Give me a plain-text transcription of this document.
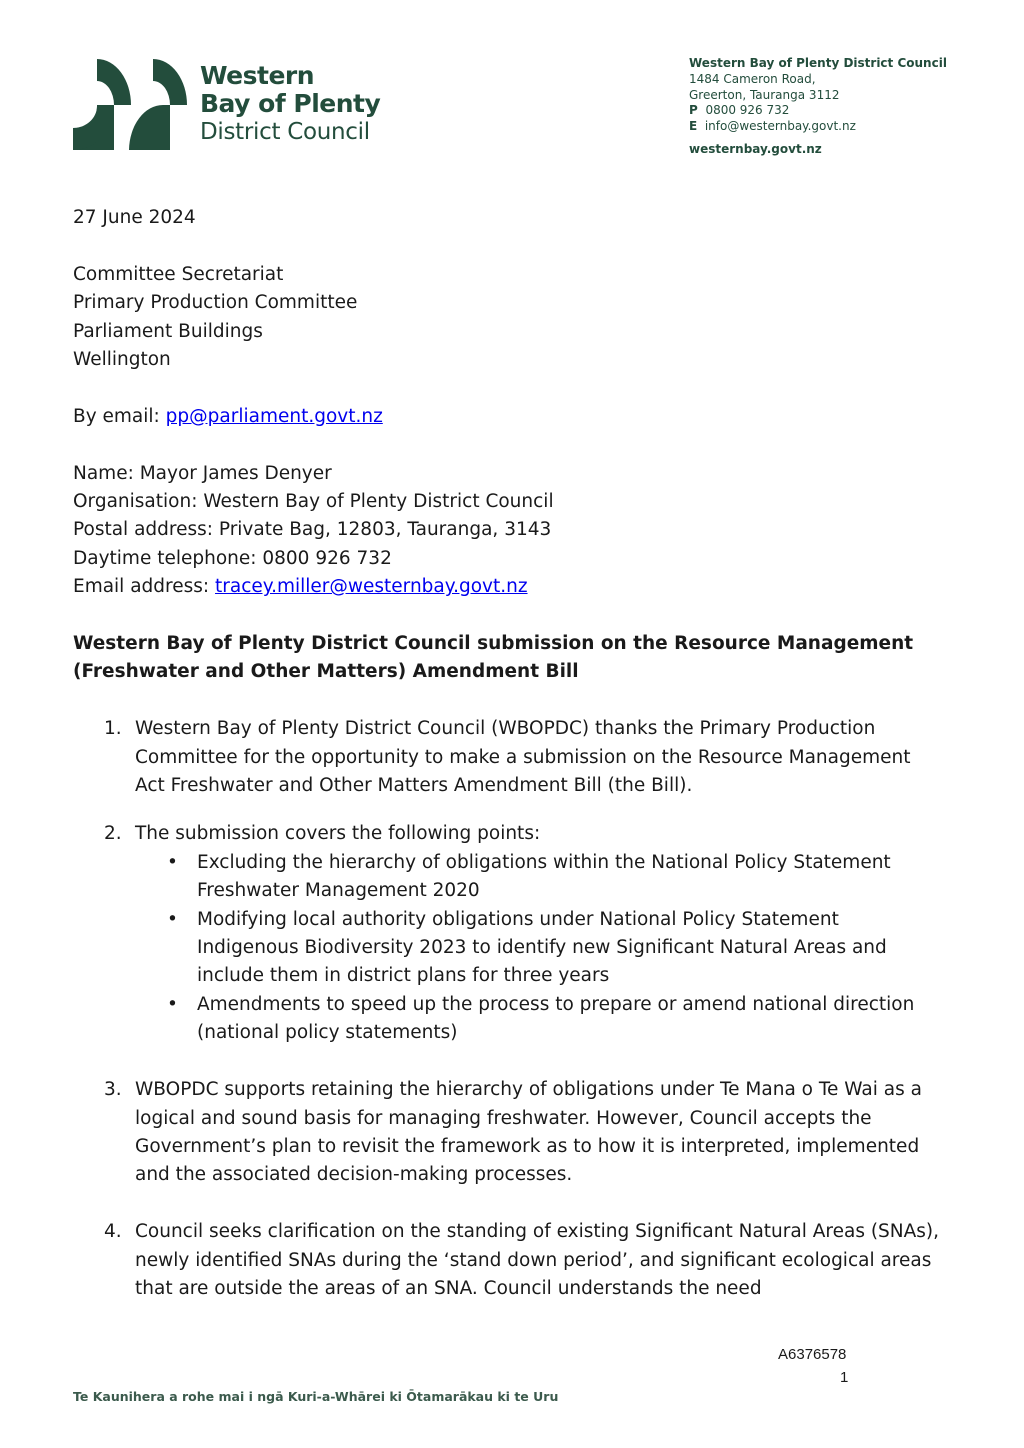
Western
Bay of Plenty
District Council
Western Bay of Plenty District Council
1484 Cameron Road,
Greerton, Tauranga 3112
P 0800 926 732
E info@westernbay.govt.nz
westernbay.govt.nz

27 June 2024

Committee Secretariat

Primary Production Committee

Parliament Buildings

Wellington

By email: pp@parliament.govt.nz

Name: Mayor James Denyer

Organisation: Western Bay of Plenty District Council

Postal address: Private Bag, 12803, Tauranga, 3143

Daytime telephone: 0800 926 732

Email address: tracey.miller@westernbay.govt.nz

Western Bay of Plenty District Council submission on the Resource Management

(Freshwater and Other Matters) Amendment Bill

1. Western Bay of Plenty District Council (WBOPDC) thanks the Primary Production Committee for the opportunity to make a submission on the Resource Management Act Freshwater and Other Matters Amendment Bill (the Bill).
2. The submission covers the following points:
• Excluding the hierarchy of obligations within the National Policy Statement Freshwater Management 2020
• Modifying local authority obligations under National Policy Statement Indigenous Biodiversity 2023 to identify new Significant Natural Areas and include them in district plans for three years
• Amendments to speed up the process to prepare or amend national direction (national policy statements)
3. WBOPDC supports retaining the hierarchy of obligations under Te Mana o Te Wai as a logical and sound basis for managing freshwater. However, Council accepts the Government’s plan to revisit the framework as to how it is interpreted, implemented and the associated decision-making processes.
4. Council seeks clarification on the standing of existing Significant Natural Areas (SNAs), newly identified SNAs during the ‘stand down period’, and significant ecological areas that are outside the areas of an SNA. Council understands the need
A6376578
1
Te Kaunihera a rohe mai i ngā Kuri-a-Whārei ki Ōtamarākau ki te Uru
